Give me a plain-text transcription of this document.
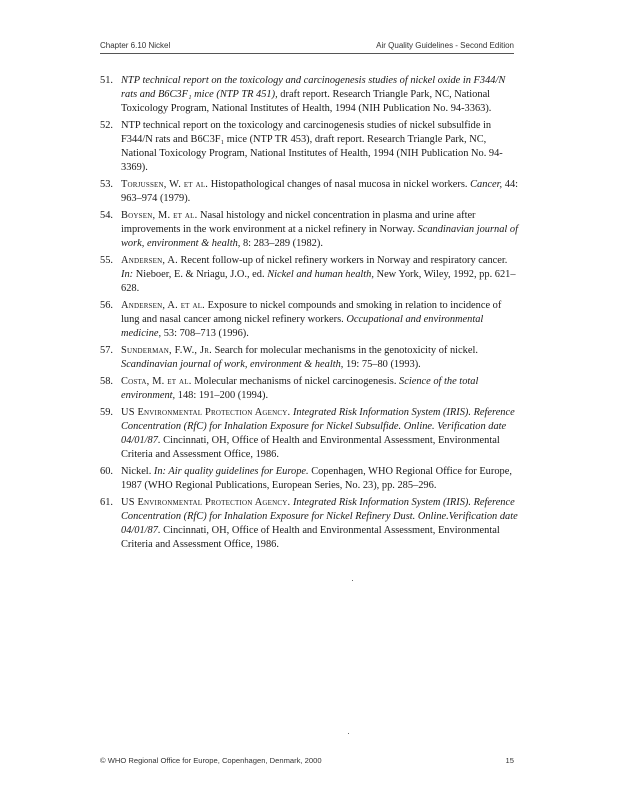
Chapter 6.10 Nickel	Air Quality Guidelines - Second Edition
51. NTP technical report on the toxicology and carcinogenesis studies of nickel oxide in F344/N rats and B6C3F₁ mice (NTP TR 451), draft report. Research Triangle Park, NC, National Toxicology Program, National Institutes of Health, 1994 (NIH Publication No. 94-3363).
52. NTP technical report on the toxicology and carcinogenesis studies of nickel subsulfide in F344/N rats and B6C3F₁ mice (NTP TR 453), draft report. Research Triangle Park, NC, National Toxicology Program, National Institutes of Health, 1994 (NIH Publication No. 94-3369).
53. Torjussen, W. et al. Histopathological changes of nasal mucosa in nickel workers. Cancer, 44: 963–974 (1979).
54. Boysen, M. et al. Nasal histology and nickel concentration in plasma and urine after improvements in the work environment at a nickel refinery in Norway. Scandinavian journal of work, environment & health, 8: 283–289 (1982).
55. Andersen, A. Recent follow-up of nickel refinery workers in Norway and respiratory cancer. In: Nieboer, E. & Nriagu, J.O., ed. Nickel and human health, New York, Wiley, 1992, pp. 621–628.
56. Andersen, A. et al. Exposure to nickel compounds and smoking in relation to incidence of lung and nasal cancer among nickel refinery workers. Occupational and environmental medicine, 53: 708–713 (1996).
57. Sunderman, F.W., Jr. Search for molecular mechanisms in the genotoxicity of nickel. Scandinavian journal of work, environment & health, 19: 75–80 (1993).
58. Costa, M. et al. Molecular mechanisms of nickel carcinogenesis. Science of the total environment, 148: 191–200 (1994).
59. US Environmental Protection Agency. Integrated Risk Information System (IRIS). Reference Concentration (RfC) for Inhalation Exposure for Nickel Subsulfide. Online. Verification date 04/01/87. Cincinnati, OH, Office of Health and Environmental Assessment, Environmental Criteria and Assessment Office, 1986.
60. Nickel. In: Air quality guidelines for Europe. Copenhagen, WHO Regional Office for Europe, 1987 (WHO Regional Publications, European Series, No. 23), pp. 285–296.
61. US Environmental Protection Agency. Integrated Risk Information System (IRIS). Reference Concentration (RfC) for Inhalation Exposure for Nickel Refinery Dust. Online.Verification date 04/01/87. Cincinnati, OH, Office of Health and Environmental Assessment, Environmental Criteria and Assessment Office, 1986.
© WHO Regional Office for Europe, Copenhagen, Denmark, 2000	15
